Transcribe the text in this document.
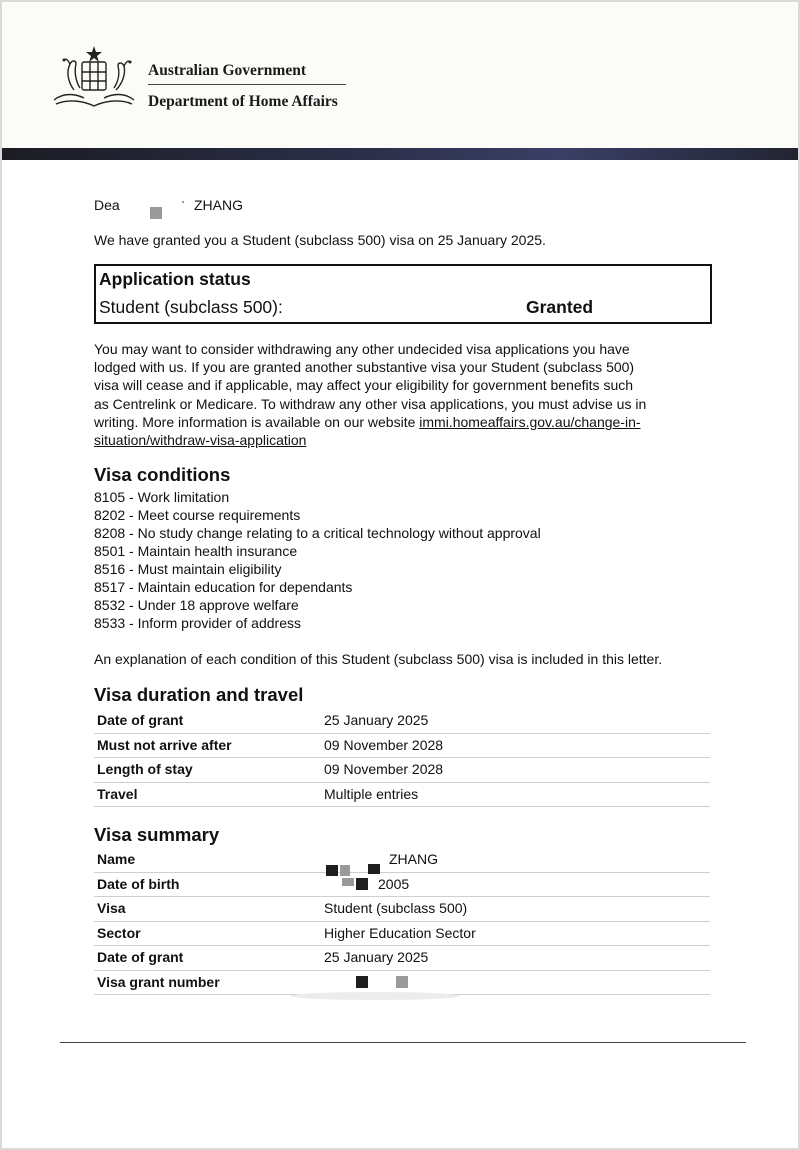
Australian Government
Department of Home Affairs
Dea	ZHANG
We have granted you a Student (subclass 500) visa on 25 January 2025.
Application status
Student (subclass 500):	Granted
You may want to consider withdrawing any other undecided visa applications you have
lodged with us. If you are granted another substantive visa your Student (subclass 500)
visa will cease and if applicable, may affect your eligibility for government benefits such
as Centrelink or Medicare. To withdraw any other visa applications, you must advise us in
writing. More information is available on our website immi.homeaffairs.gov.au/change-in-
situation/withdraw-visa-application
Visa conditions
8105 - Work limitation
8202 - Meet course requirements
8208 - No study change relating to a critical technology without approval
8501 - Maintain health insurance
8516 - Must maintain eligibility
8517 - Maintain education for dependants
8532 - Under 18 approve welfare
8533 - Inform provider of address
An explanation of each condition of this Student (subclass 500) visa is included in this letter.
Visa duration and travel
Date of grant	25 January 2025
Must not arrive after	09 November 2028
Length of stay	09 November 2028
Travel	Multiple entries
Visa summary
Name	ZHANG
Date of birth	2005
Visa	Student (subclass 500)
Sector	Higher Education Sector
Date of grant	25 January 2025
Visa grant number
